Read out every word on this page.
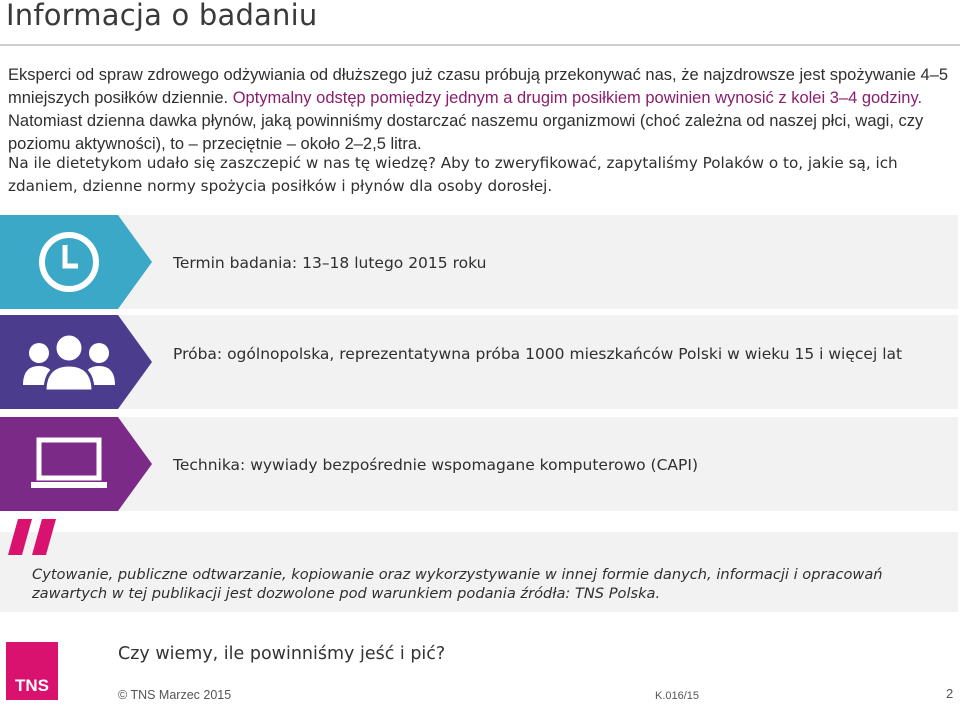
Informacja o badaniu

Eksperci od spraw zdrowego odżywiania od dłuższego już czasu próbują przekonywać nas, że najzdrowsze jest spożywanie 4–5 mniejszych posiłków dziennie. Optymalny odstęp pomiędzy jednym a drugim posiłkiem powinien wynosić z kolei 3–4 godziny. Natomiast dzienna dawka płynów, jaką powinniśmy dostarczać naszemu organizmowi (choć zależna od naszej płci, wagi, czy poziomu aktywności), to – przeciętnie – około 2–2,5 litra.

Na ile dietetykom udało się zaszczepić w nas tę wiedzę? Aby to zweryfikować, zapytaliśmy Polaków o to, jakie są, ich zdaniem, dzienne normy spożycia posiłków i płynów dla osoby dorosłej.

Termin badania: 13–18 lutego 2015 roku
Próba: ogólnopolska, reprezentatywna próba 1000 mieszkańców Polski w wieku 15 i więcej lat
Technika: wywiady bezpośrednie wspomagane komputerowo (CAPI)

Cytowanie, publiczne odtwarzanie, kopiowanie oraz wykorzystywanie w innej formie danych, informacji i opracowań zawartych w tej publikacji jest dozwolone pod warunkiem podania źródła: TNS Polska.

TNS
Czy wiemy, ile powinniśmy jeść i pić?
© TNS Marzec 2015	K.016/15	2
